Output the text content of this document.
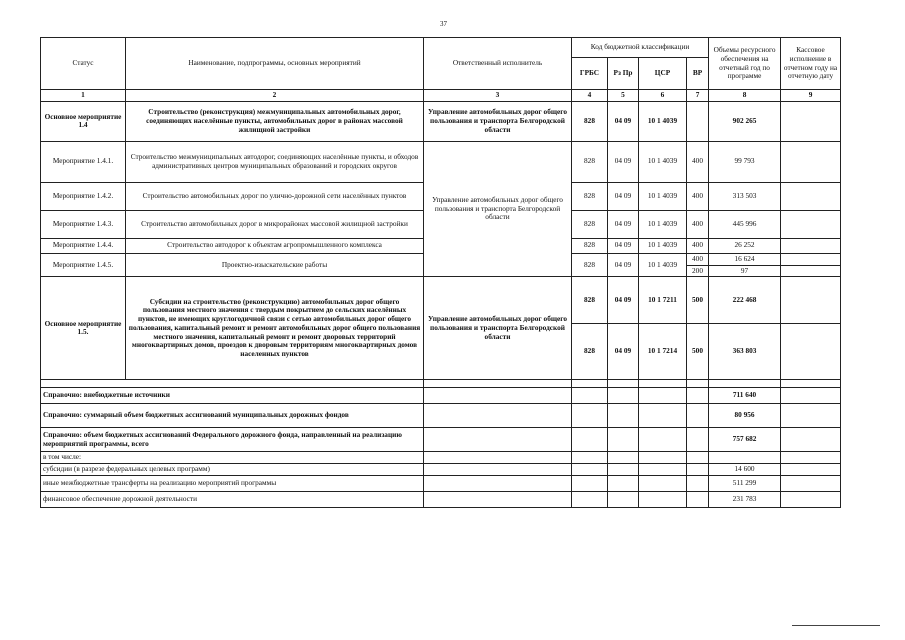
37
Статус	Наименование, подпрограммы, основных мероприятий	Ответственный исполнитель	Код бюджетной классификации				Объемы ресурсного обеспечения на отчетный год по программе	Кассовое исполнение в отчетном году на отчетную дату
			ГРБС	Рз Пр	ЦСР	ВР		
1	2	3	4	5	6	7	8	9
Основное мероприятие 1.4	Строительство (реконструкция) межмуниципальных автомобильных дорог, соединяющих населённые пункты, автомобильных дорог в районах массовой жилищной застройки	Управление автомобильных дорог общего пользования и транспорта Белгородской области	828	04 09	10 1 4039		902 265	
Мероприятие 1.4.1.	Строительство межмуниципальных автодорог, соединяющих населённые пункты, и обходов административных центров муниципальных образований и городских округов	Управление автомобильных дорог общего пользования и транспорта Белгородской области	828	04 09	10 1 4039	400	99 793	
Мероприятие 1.4.2.	Строительство автомобильных дорог по улично-дорожной сети населённых пунктов		828	04 09	10 1 4039	400	313 503	
Мероприятие 1.4.3.	Строительство автомобильных дорог в микрорайонах массовой жилищной застройки		828	04 09	10 1 4039	400	445 996	
Мероприятие 1.4.4.	Строительство автодорог к объектам агропромышленного комплекса		828	04 09	10 1 4039	400	26 252	
Мероприятие 1.4.5.	Проектно-изыскательские работы		828	04 09	10 1 4039	400	16 624	
						200	97	
Основное мероприятие 1.5.	Субсидии на строительство (реконструкцию) автомобильных дорог общего пользования местного значения с твердым покрытием до сельских населённых пунктов, не имеющих круглогодичной связи с сетью автомобильных дорог общего пользования, капитальный ремонт и ремонт автомобильных дорог общего пользования местного значения, капитальный ремонт и ремонт дворовых территорий многоквартирных домов, проездов к дворовым территориям многоквартирных домов населенных пунктов	Управление автомобильных дорог общего пользования и транспорта Белгородской области	828	04 09	10 1 7211	500	222 468	
			828	04 09	10 1 7214	500	363 803	

Справочно: внебюджетные источники							711 640	
Справочно: суммарный объем бюджетных ассигнований муниципальных дорожных фондов							80 956	
Справочно: объем бюджетных ассигнований Федерального дорожного фонда, направленный на реализацию мероприятий программы, всего							757 682	
в том числе:								
субсидии (в разрезе федеральных целевых программ)							14 600	
иные межбюджетные трансферты на реализацию мероприятий программы							511 299	
финансовое обеспечение дорожной деятельности							231 783	
